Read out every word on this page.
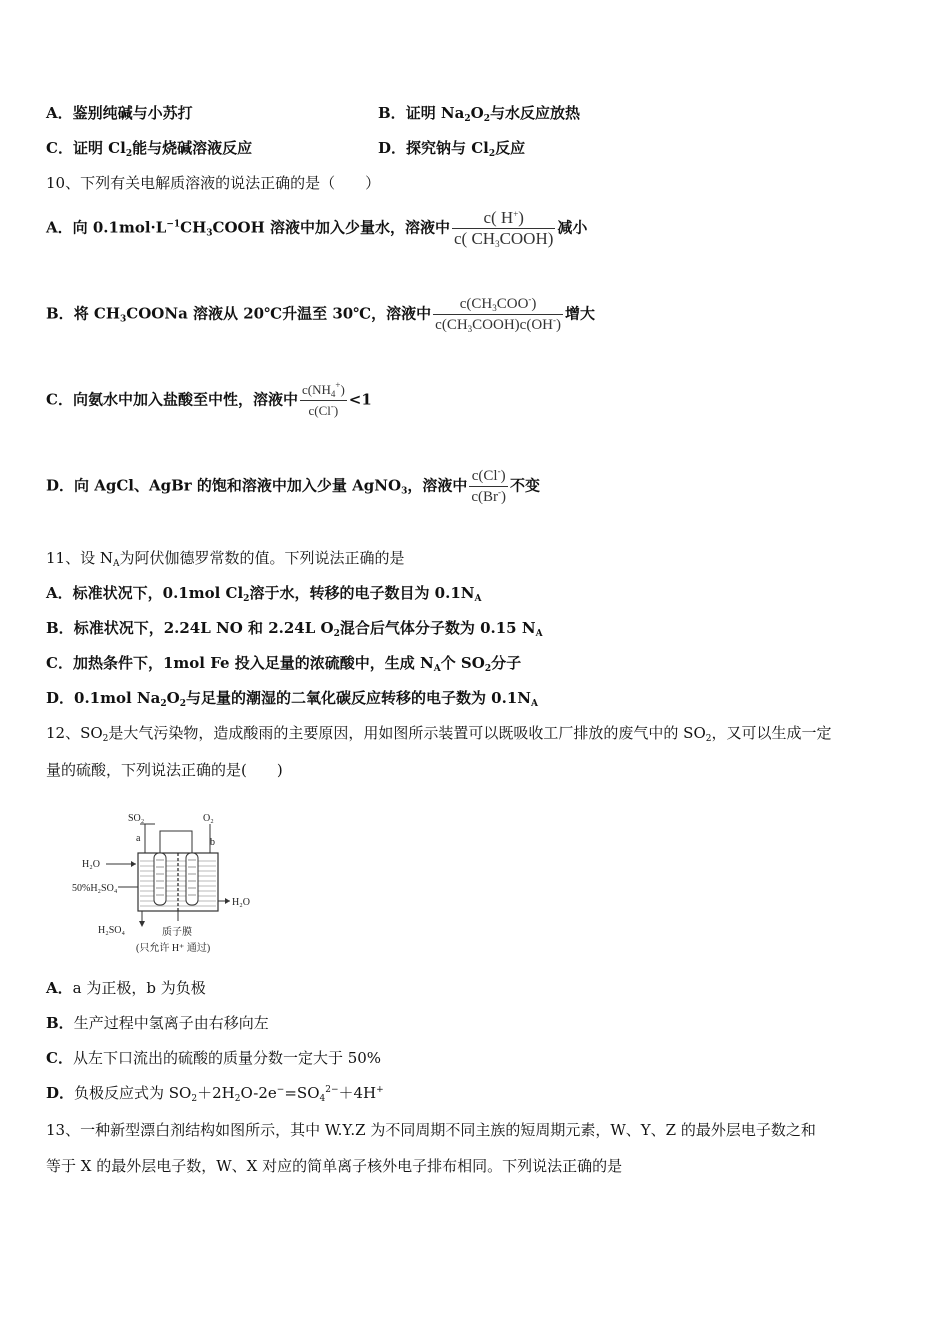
A．鉴别纯碱与小苏打	B．证明 $Na_2O_2$与水反应放热
C．证明 $Cl_2$能与烧碱溶液反应	D．探究钠与 $Cl_2$反应
10、下列有关电解质溶液的说法正确的是（　　）
A．向 $0.1mol\cdot L^{-1}CH_3COOH$ 溶液中加入少量水，溶液中 $\frac{c( H^+)}{c( CH_3COOH)}$ 减小
B．将 $CH_3COONa$ 溶液从 20℃升温至 30℃，溶液中 $\frac{c(CH_3COO^-)}{c(CH_3COOH)c(OH^-)}$ 增大
C．向氨水中加入盐酸至中性，溶液中 $\frac{c(NH_4^+)}{c(Cl^-)} <1$
D．向 AgCl、AgBr 的饱和溶液中加入少量 AgNO$_3$，溶液中 $\frac{c(Cl^-)}{c(Br^-)}$ 不变
11、设 $N_A$为阿伏伽德罗常数的值。下列说法正确的是
A．标准状况下，0.1mol $Cl_2$溶于水，转移的电子数目为 $0.1N_A$
B．标准状况下，2.24L NO 和 2.24L $O_2$混合后气体分子数为 0.15 $N_A$
C．加热条件下，1mol Fe 投入足量的浓硫酸中，生成 $N_A$个 $SO_2$分子
D．0.1mol $Na_2O_2$与足量的潮湿的二氧化碳反应转移的电子数为 $0.1N_A$
12、$SO_2$是大气污染物，造成酸雨的主要原因，用如图所示装置可以既吸收工厂排放的废气中的 $SO_2$，又可以生成一定
量的硫酸，下列说法正确的是(　　)
SO₂	O₂
a	b
H₂O
50%H₂SO₄
H₂O
H₂SO₄	质子膜
(只允许 H⁺ 通过)
A．a 为正极，b 为负极
B．生产过程中氢离子由右移向左
C．从左下口流出的硫酸的质量分数一定大于 50%
D．负极反应式为 $SO_2+2H_2O-2e^-=SO_4^{2-}+4H^+$
13、一种新型漂白剂结构如图所示，其中 W.Y.Z 为不同周期不同主族的短周期元素，W、Y、Z 的最外层电子数之和
等于 X 的最外层电子数，W、X 对应的简单离子核外电子排布相同。下列说法正确的是
